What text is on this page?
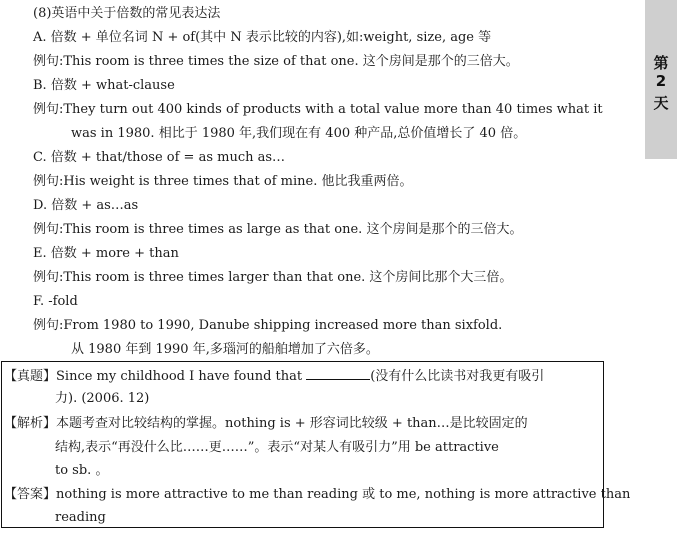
第
2
天
(8)英语中关于倍数的常见表达法
A. 倍数 + 单位名词 N + of(其中 N 表示比较的内容),如:weight, size, age 等
例句:This room is three times the size of that one. 这个房间是那个的三倍大。
B. 倍数 + what-clause
例句:They turn out 400 kinds of products with a total value more than 40 times what it
was in 1980. 相比于 1980 年,我们现在有 400 种产品,总价值增长了 40 倍。
C. 倍数 + that/those of = as much as…
例句:His weight is three times that of mine. 他比我重两倍。
D. 倍数 + as…as
例句:This room is three times as large as that one. 这个房间是那个的三倍大。
E. 倍数 + more + than
例句:This room is three times larger than that one. 这个房间比那个大三倍。
F. -fold
例句:From 1980 to 1990, Danube shipping increased more than sixfold.
从 1980 年到 1990 年,多瑙河的船舶增加了六倍多。
【真题】Since my childhood I have found that	(没有什么比读书对我更有吸引
力). (2006. 12)
【解析】本题考查对比较结构的掌握。nothing is + 形容词比较级 + than…是比较固定的
结构,表示“再没什么比……更……”。表示“对某人有吸引力”用 be attractive
to sb. 。
【答案】nothing is more attractive to me than reading 或 to me, nothing is more attractive than
reading
